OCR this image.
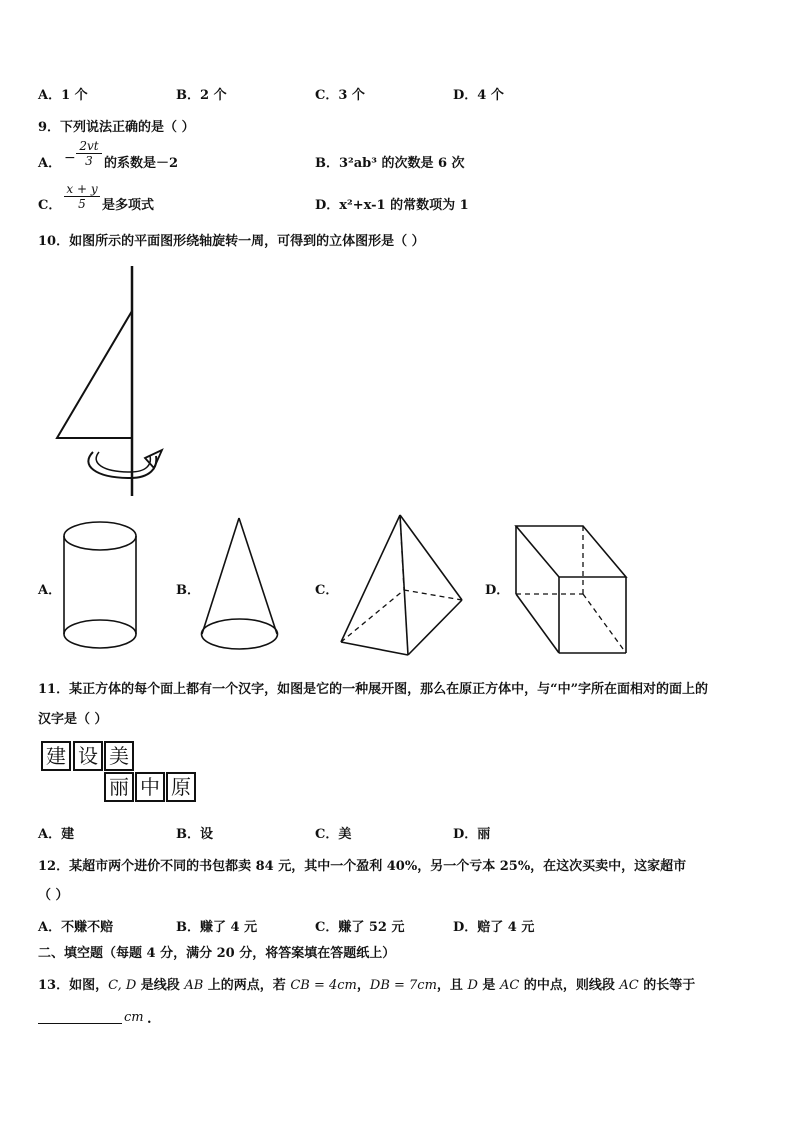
A．1 个	B．2 个	C．3 个	D．4 个
9．下列说法正确的是（ ）
A． −
2vt
3 的系数是－2	B．3²ab³ 的次数是 6 次
C．
x + y
5	是多项式	D．x²+x-1 的常数项为 1
10．如图所示的平面图形绕轴旋转一周，可得到的立体图形是（ ）
A．	B．	C．	D．
11．某正方体的每个面上都有一个汉字，如图是它的一种展开图，那么在原正方体中，与“中”字所在面相对的面上的
汉字是（ ）
建 设 美
丽 中 原
A．建	B．设	C．美	D．丽
12．某超市两个进价不同的书包都卖 84 元，其中一个盈利 40%，另一个亏本 25%，在这次买卖中，这家超市
（ ）
A．不赚不赔	B．赚了 4 元	C．赚了 52 元	D．赔了 4 元
二、填空题（每题 4 分，满分 20 分，将答案填在答题纸上）
13．如图，C, D 是线段 AB 上的两点，若 CB = 4cm，DB = 7cm，且 D 是 AC 的中点，则线段 AC 的长等于
cm .
